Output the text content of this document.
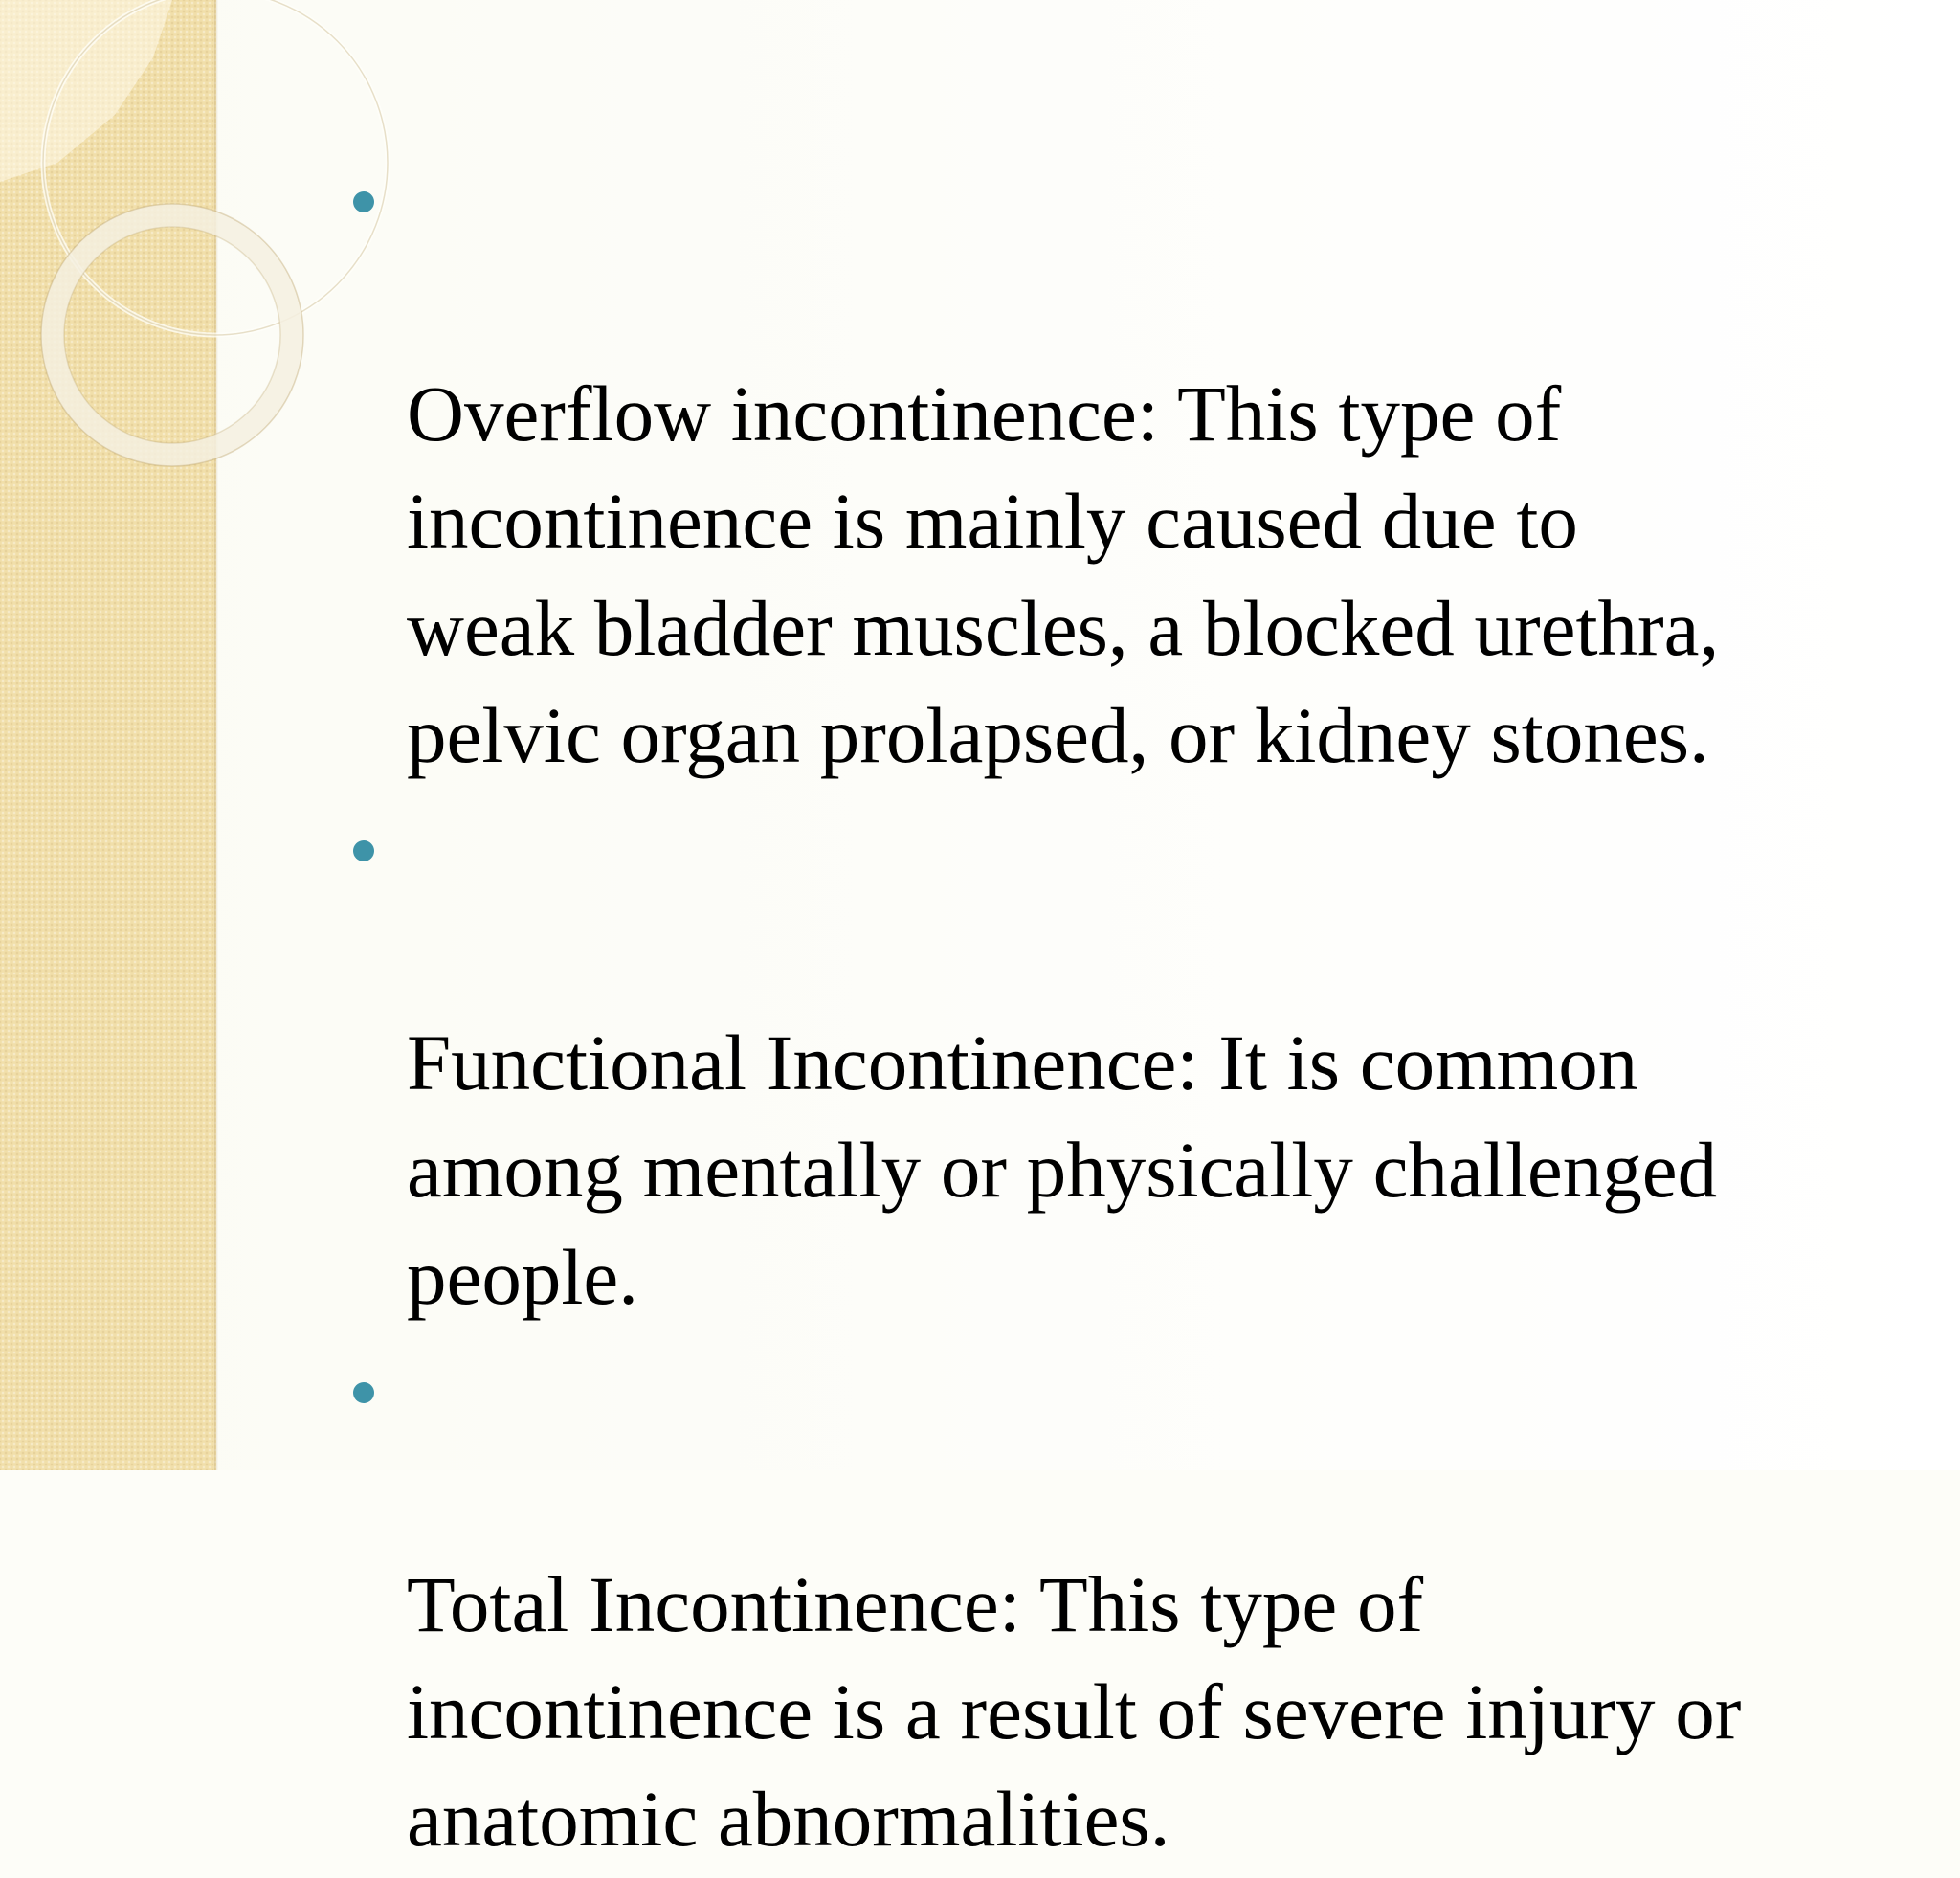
Overflow incontinence: This type of
incontinence is mainly caused due to
weak bladder muscles, a blocked urethra,
pelvic organ prolapsed, or kidney stones.

Functional Incontinence: It is common
among mentally or physically challenged
people.

Total Incontinence: This type of
incontinence is a result of severe injury or
anatomic abnormalities.
